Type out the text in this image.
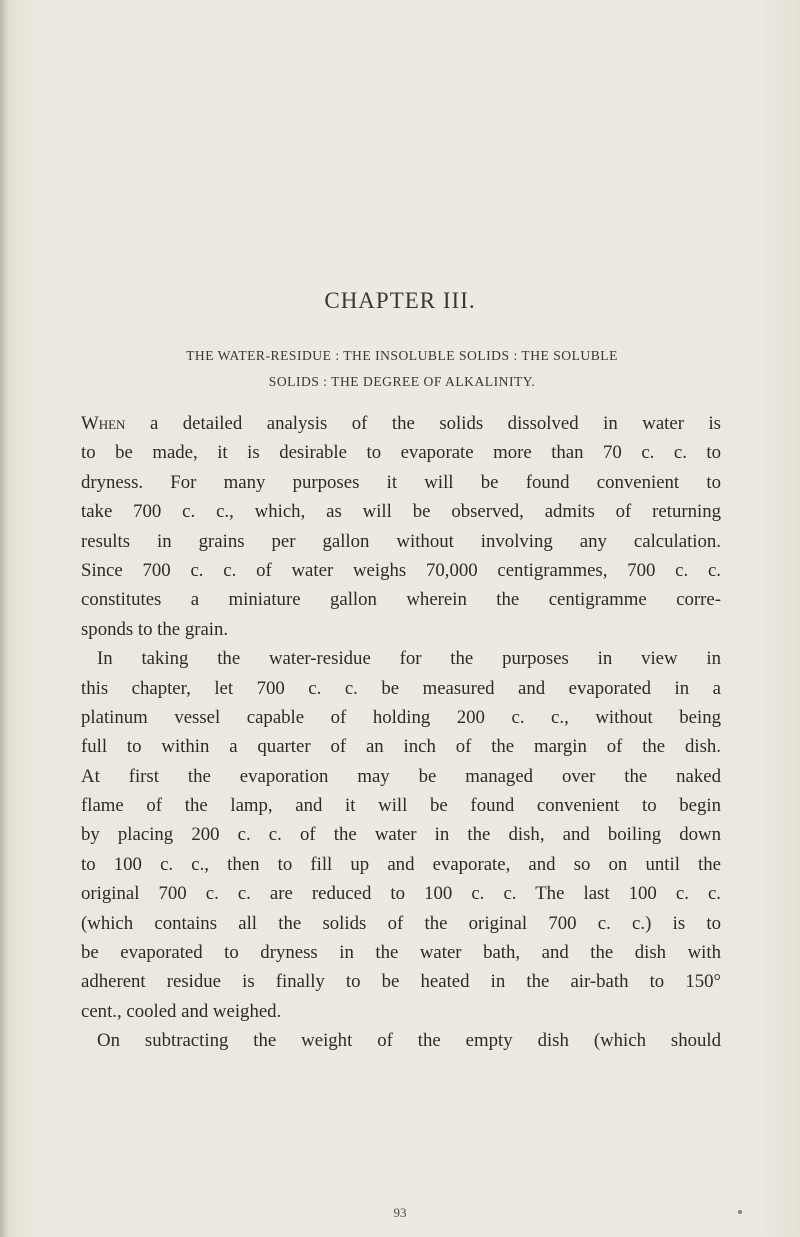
CHAPTER III.
THE WATER-RESIDUE : THE INSOLUBLE SOLIDS : THE SOLUBLE
SOLIDS : THE DEGREE OF ALKALINITY.
When a detailed analysis of the solids dissolved in water is
to be made, it is desirable to evaporate more than 70 c. c. to
dryness. For many purposes it will be found convenient to
take 700 c. c., which, as will be observed, admits of returning
results in grains per gallon without involving any calculation.
Since 700 c. c. of water weighs 70,000 centigrammes, 700 c. c.
constitutes a miniature gallon wherein the centigramme corre-
sponds to the grain.
In taking the water-residue for the purposes in view in
this chapter, let 700 c. c. be measured and evaporated in a
platinum vessel capable of holding 200 c. c., without being
full to within a quarter of an inch of the margin of the dish.
At first the evaporation may be managed over the naked
flame of the lamp, and it will be found convenient to begin
by placing 200 c. c. of the water in the dish, and boiling down
to 100 c. c., then to fill up and evaporate, and so on until the
original 700 c. c. are reduced to 100 c. c. The last 100 c. c.
(which contains all the solids of the original 700 c. c.) is to
be evaporated to dryness in the water bath, and the dish with
adherent residue is finally to be heated in the air-bath to 150°
cent., cooled and weighed.
On subtracting the weight of the empty dish (which should
93
